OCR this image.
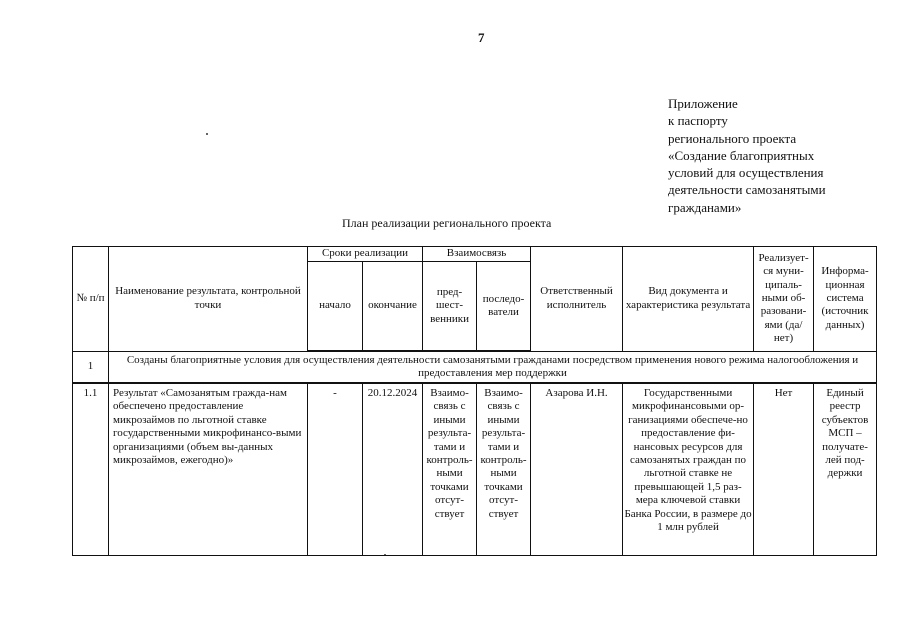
7
Приложение
к паспорту
регионального проекта
«Создание благоприятных
условий для осуществления
деятельности самозанятыми
гражданами»
План реализации регионального проекта
№ п/п	Наименование результата, контрольной точки	Сроки реализации		Взаимосвязь		Ответственный исполнитель	Вид документа и характеристика результата	Реализует-ся муни-ципаль-ными об-разовани-ями (да/нет)	Информа-ционная система (источник данных)
		начало	окончание	пред-шест-венники	последо-ватели				
1	Созданы благоприятные условия для осуществления деятельности самозанятыми гражданами посредством применения нового режима налогообложения и предоставления мер поддержки								
1.1	Результат «Самозанятым гражда-нам обеспечено предоставление микрозаймов по льготной ставке государственными микрофинансо-выми организациями (объем вы-данных микрозаймов, ежегодно)»	-	20.12.2024	Взаимо-связь с иными результа-тами и контроль-ными точками отсут-ствует	Взаимо-связь с иными результа-тами и контроль-ными точками отсут-ствует	Азарова И.Н.	Государственными микрофинансовыми ор-ганизациями обеспече-но предоставление фи-нансовых ресурсов для самозанятых граждан по льготной ставке не превышающей 1,5 раз-мера ключевой ставки Банка России, в размере до 1 млн рублей	Нет	Единый реестр субъектов МСП – получате-лей под-держки
